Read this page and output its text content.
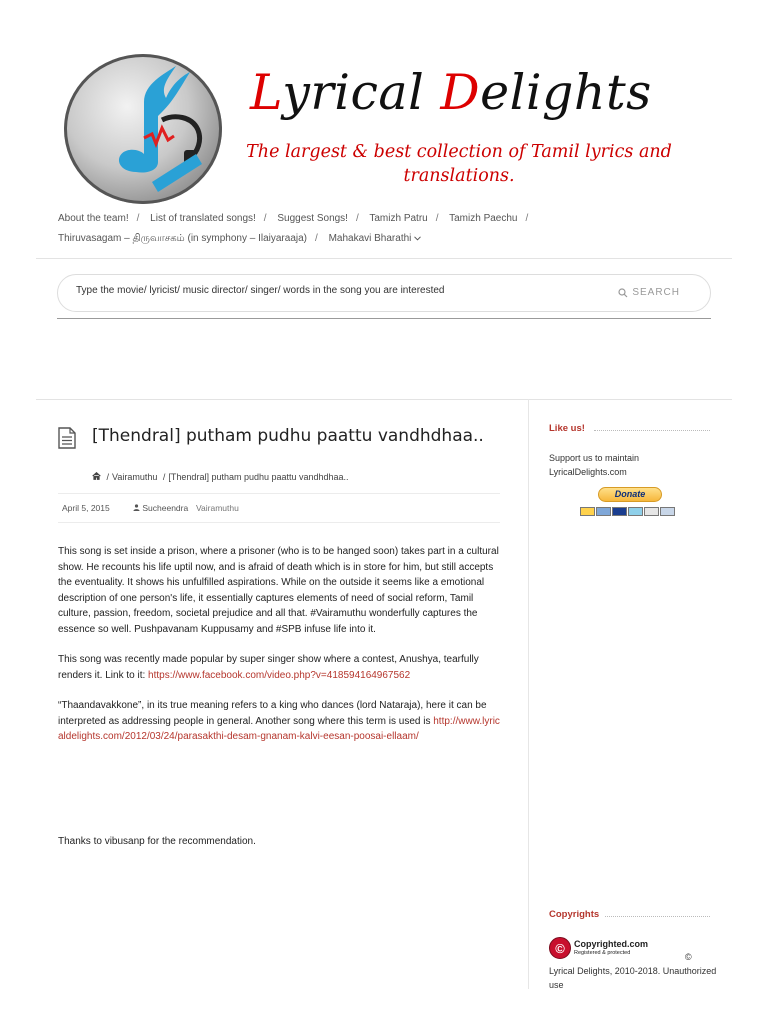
Lyrical Delights
The largest & best collection of Tamil lyrics and translations.
About the team! / List of translated songs! / Suggest Songs! / Tamizh Patru / Tamizh Paechu /
Thiruvasagam – திருவாசகம் (in symphony – Ilaiyaraaja) / Mahakavi Bharathi
Type the movie/ lyricist/ music director/ singer/ words in the song you are interested
SEARCH
[Thendral] putham pudhu paattu vandhdhaa..
/ Vairamuthu / [Thendral] putham pudhu paattu vandhdhaa..
April 5, 2015	Sucheendra Vairamuthu

This song is set inside a prison, where a prisoner (who is to be hanged soon) takes part in a cultural show. He recounts his life uptil now, and is afraid of death which is in store for him, but still accepts the eventuality. It shows his unfulfilled aspirations. While on the outside it seems like a emotional description of one person's life, it essentially captures elements of need of social reform, Tamil culture, passion, freedom, societal prejudice and all that. #Vairamuthu wonderfully captures the essence so well. Pushpavanam Kuppusamy and #SPB infuse life into it.

This song was recently made popular by super singer show where a contest, Anushya, tearfully renders it. Link to it: https://www.facebook.com/video.php?v=418594164967562

“Thaandavakkone”, in its true meaning refers to a king who dances (lord Nataraja), here it can be interpreted as addressing people in general. Another song where this term is used is http://www.lyricaldelights.com/2012/03/24/parasakthi-desam-gnanam-kalvi-eesan-poosai-ellaam/

Thanks to vibusanp for the recommendation.
Like us!
Support us to maintain LyricalDelights.com
Donate
Copyrights
©	Copyrighted.com
Registered & protected	© Lyrical Delights, 2010-2018. Unauthorized use
